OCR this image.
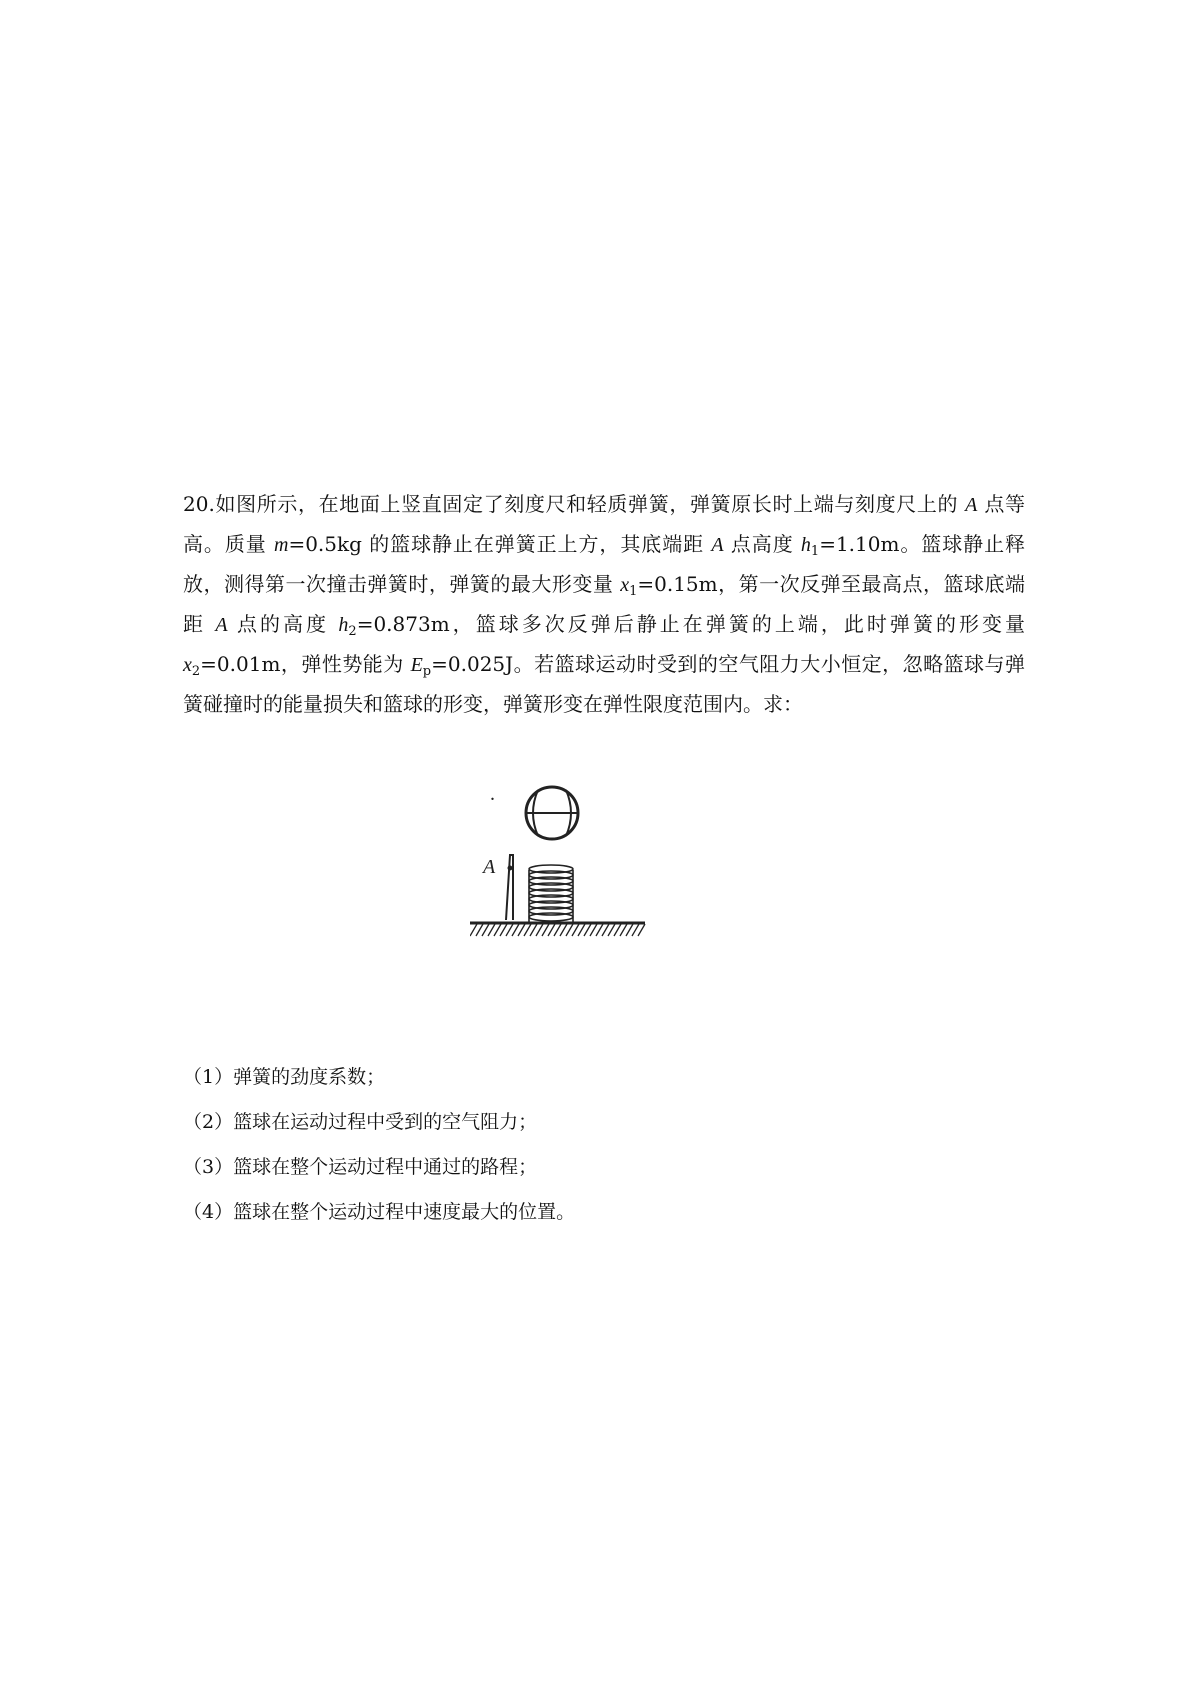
20.如图所示，在地面上竖直固定了刻度尺和轻质弹簧，弹簧原长时上端与刻度尺上的 A 点等高。质量 m=0.5kg 的篮球静止在弹簧正上方，其底端距 A 点高度 $h_1=1.10m$。篮球静止释放，测得第一次撞击弹簧时，弹簧的最大形变量 $x_1=0.15m$，第一次反弹至最高点，篮球底端距 A 点的高度 $h_2=0.873m$，篮球多次反弹后静止在弹簧的上端，此时弹簧的形变量 $x_2=0.01m$，弹性势能为 $E_p=0.025J$。若篮球运动时受到的空气阻力大小恒定，忽略篮球与弹簧碰撞时的能量损失和篮球的形变，弹簧形变在弹性限度范围内。求：

.
A
（1）弹簧的劲度系数；
（2）篮球在运动过程中受到的空气阻力；
（3）篮球在整个运动过程中通过的路程；
（4）篮球在整个运动过程中速度最大的位置。
